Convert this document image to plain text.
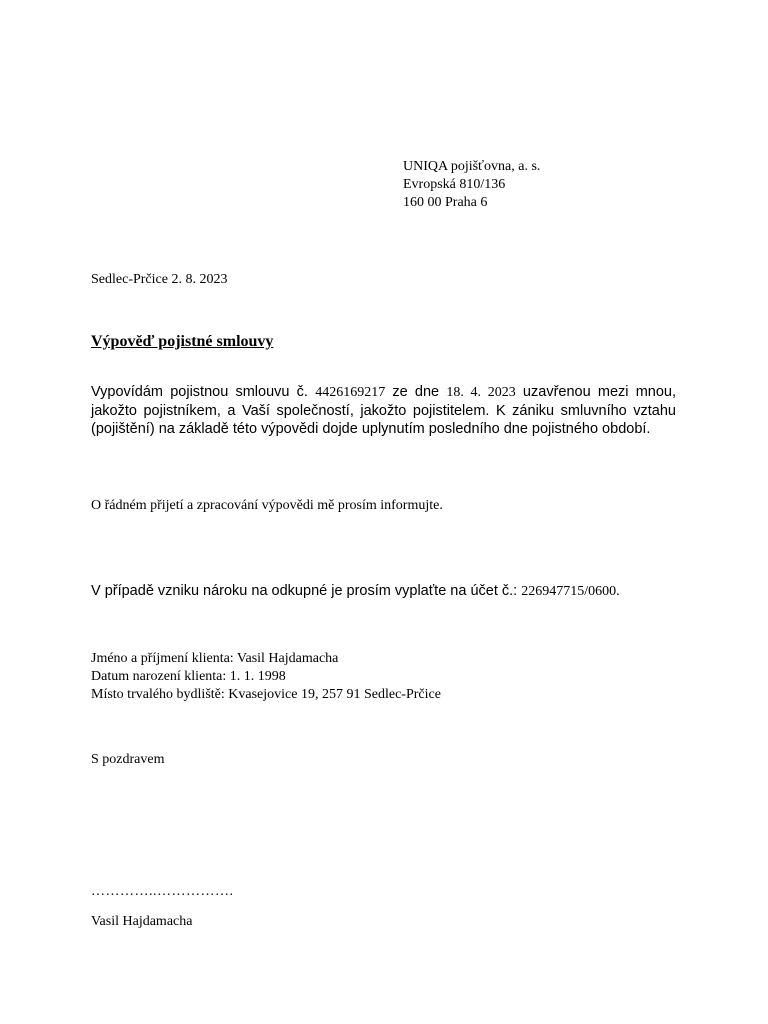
UNIQA pojišťovna, a. s.
Evropská 810/136
160 00 Praha 6
Sedlec-Prčice 2. 8. 2023
Výpověď pojistné smlouvy

Vypovídám pojistnou smlouvu č. 4426169217 ze dne 18. 4. 2023 uzavřenou mezi mnou, jakožto pojistníkem, a Vaší společností, jakožto pojistitelem. K zániku smluvního vztahu (pojištění) na základě této výpovědi dojde uplynutím posledního dne pojistného období.

O řádném přijetí a zpracování výpovědi mě prosím informujte.
V případě vzniku nároku na odkupné je prosím vyplaťte na účet č.: 226947715/0600.
Jméno a příjmení klienta: Vasil Hajdamacha
Datum narození klienta: 1. 1. 1998
Místo trvalého bydliště: Kvasejovice 19, 257 91 Sedlec-Prčice
S pozdravem
…………..…………….
Vasil Hajdamacha
